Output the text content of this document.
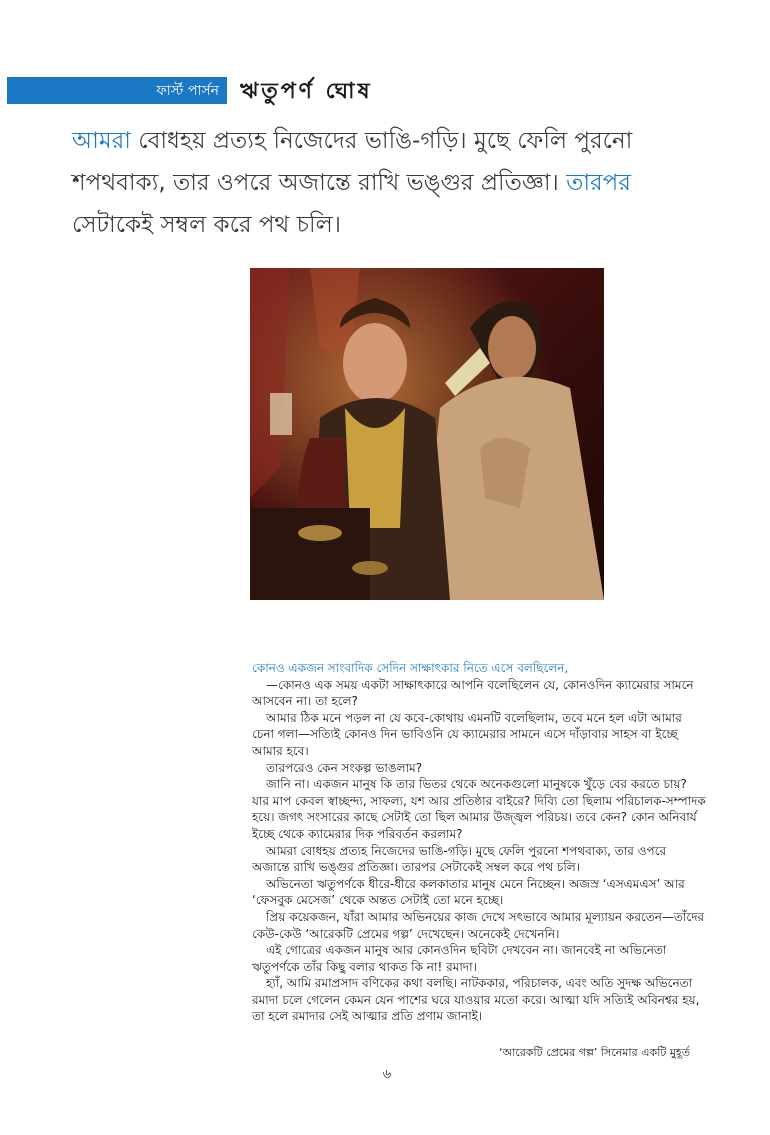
ফার্স্ট পার্সন ঋতুপর্ণ ঘোষ
আমরা বোধহয় প্রত্যহ নিজেদের ভাঙি-গড়ি। মুছে ফেলি পুরনো শপথবাক্য, তার ওপরে অজান্তে রাখি ভঙ্গুর প্রতিজ্ঞা। তারপর সেটাকেই সম্বল করে পথ চলি।

কোনও একজন সাংবাদিক সেদিন সাক্ষাৎকার নিতে এসে বলছিলেন,

—কোনও এক সময় একটা সাক্ষাৎকারে আপনি বলেছিলেন যে, কোনওদিন ক্যামেরার সামনে আসবেন না। তা হলে?

আমার ঠিক মনে পড়ল না যে কবে-কোথায় এমনটি বলেছিলাম, তবে মনে হল এটা আমার চেনা গলা—সত্যিই কোনও দিন ভাবিওনি যে ক্যামেরার সামনে এসে দাঁড়াবার সাহস বা ইচ্ছে আমার হবে।

তারপরেও কেন সংকল্প ভাঙলাম?

জানি না। একজন মানুষ কি তার ভিতর থেকে অনেকগুলো মানুষকে খুঁড়ে বের করতে চায়? যার মাপ কেবল স্বাচ্ছন্দ্য, সাফল্য, যশ আর প্রতিষ্ঠার বাইরে? দিব্যি তো ছিলাম পরিচালক-সম্পাদক হয়ে। জগৎ সংসারের কাছে সেটাই তো ছিল আমার উজ্জ্বল পরিচয়। তবে কেন? কোন অনিবার্য ইচ্ছে থেকে ক্যামেরার দিক পরিবর্তন করলাম?

আমরা বোধহয় প্রত্যহ নিজেদের ভাঙি-গড়ি। মুছে ফেলি পুরনো শপথবাক্য, তার ওপরে অজান্তে রাখি ভঙ্গুর প্রতিজ্ঞা। তারপর সেটাকেই সম্বল করে পথ চলি।

অভিনেতা ঋতুপর্ণকে ধীরে-ধীরে কলকাতার মানুষ মেনে নিচ্ছেন। অজস্র ‘এসএমএস’ আর ‘ফেসবুক মেসেজ’ থেকে অন্তত সেটাই তো মনে হচ্ছে।

প্রিয় কয়েকজন, যাঁরা আমার অভিনয়ের কাজ দেখে সৎভাবে আমার মূল্যায়ন করতেন—তাঁদের কেউ-কেউ ‘আরেকটি প্রেমের গল্প’ দেখেছেন। অনেকেই দেখেননি।

এই গোত্রের একজন মানুষ আর কোনওদিন ছবিটা দেখবেন না। জানবেই না অভিনেতা ঋতুপর্ণকে তাঁর কিছু বলার থাকত কি না! রমাদা।

হ্যাঁ, আমি রমাপ্রসাদ বণিকের কথা বলছি। নাটককার, পরিচালক, এবং অতি সুদক্ষ অভিনেতা রমাদা চলে গেলেন কেমন যেন পাশের ঘরে যাওয়ার মতো করে। আত্মা যদি সত্যিই অবিনশ্বর হয়, তা হলে রমাদার সেই আত্মার প্রতি প্রণাম জানাই।

‘আরেকটি প্রেমের গল্প’ সিনেমার একটি মুহূর্ত
৬
